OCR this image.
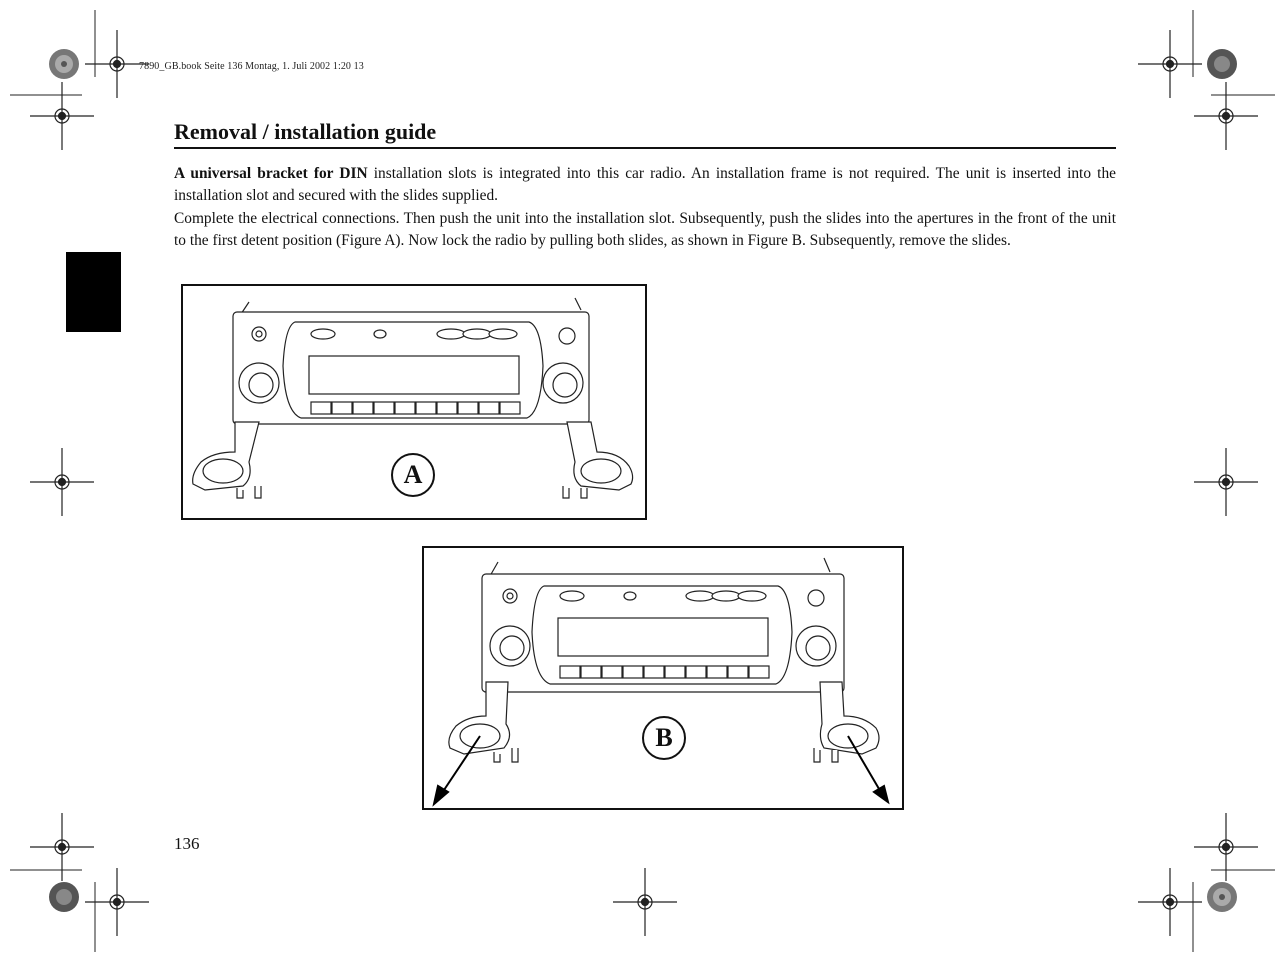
7890_GB.book Seite 136 Montag, 1. Juli 2002 1:20 13
Removal / installation guide

A universal bracket for DIN installation slots is integrated into this car radio. An installation frame is not required. The unit is inserted into the installation slot and secured with the slides supplied.

Complete the electrical connections. Then push the unit into the installation slot. Subsequently, push the slides into the apertures in the front of the unit to the first detent position (Figure A). Now lock the radio by pulling both slides, as shown in Figure B. Subsequently, remove the slides.

A
B
136
